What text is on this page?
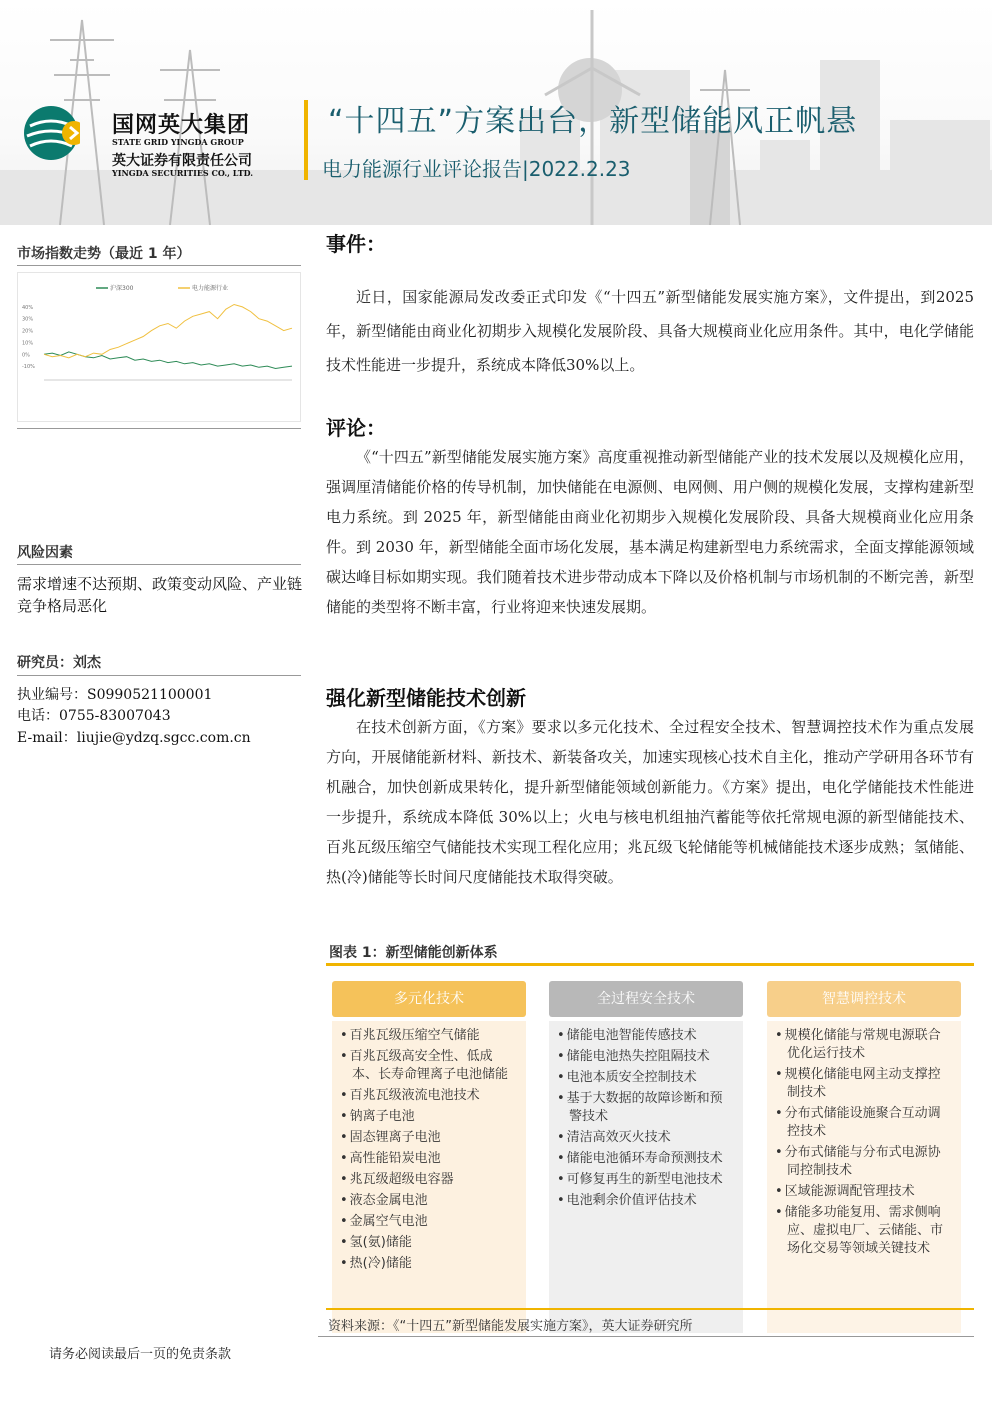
国网英大集团
STATE GRID YINGDA GROUP
英大证券有限责任公司
YINGDA SECURITIES CO., LTD.
“十四五”方案出台，新型储能风正帆悬
电力能源行业评论报告|2022.2.23
市场指数走势（最近 1 年）
40%
30%
20%
10%
0%
-10%
沪深300	电力能源行业
风险因素
需求增速不达预期、政策变动风险、产业链竞争格局恶化
研究员：刘杰
执业编号：S0990521100001
电话：0755-83007043
E-mail：liujie@ydzq.sgcc.com.cn
事件：
近日，国家能源局发改委正式印发《“十四五”新型储能发展实施方案》，文件提出，到2025年，新型储能由商业化初期步入规模化发展阶段、具备大规模商业化应用条件。其中，电化学储能技术性能进一步提升，系统成本降低30%以上。
评论：
《“十四五”新型储能发展实施方案》高度重视推动新型储能产业的技术发展以及规模化应用，强调厘清储能价格的传导机制，加快储能在电源侧、电网侧、用户侧的规模化发展，支撑构建新型电力系统。到 2025 年，新型储能由商业化初期步入规模化发展阶段、具备大规模商业化应用条件。到 2030 年，新型储能全面市场化发展，基本满足构建新型电力系统需求，全面支撑能源领域碳达峰目标如期实现。我们随着技术进步带动成本下降以及价格机制与市场机制的不断完善，新型储能的类型将不断丰富，行业将迎来快速发展期。
强化新型储能技术创新
在技术创新方面，《方案》要求以多元化技术、全过程安全技术、智慧调控技术作为重点发展方向，开展储能新材料、新技术、新装备攻关，加速实现核心技术自主化，推动产学研用各环节有机融合，加快创新成果转化，提升新型储能领域创新能力。《方案》提出，电化学储能技术性能进一步提升，系统成本降低 30%以上；火电与核电机组抽汽蓄能等依托常规电源的新型储能技术、百兆瓦级压缩空气储能技术实现工程化应用；兆瓦级飞轮储能等机械储能技术逐步成熟；氢储能、热(冷)储能等长时间尺度储能技术取得突破。
图表 1：新型储能创新体系
多元化技术
• 百兆瓦级压缩空气储能
• 百兆瓦级高安全性、低成本、长寿命锂离子电池储能
• 百兆瓦级液流电池技术
• 钠离子电池
• 固态锂离子电池
• 高性能铅炭电池
• 兆瓦级超级电容器
• 液态金属电池
• 金属空气电池
• 氢(氨)储能
• 热(冷)储能
全过程安全技术
• 储能电池智能传感技术
• 储能电池热失控阻隔技术
• 电池本质安全控制技术
• 基于大数据的故障诊断和预警技术
• 清洁高效灭火技术
• 储能电池循环寿命预测技术
• 可修复再生的新型电池技术
• 电池剩余价值评估技术
智慧调控技术
• 规模化储能与常规电源联合优化运行技术
• 规模化储能电网主动支撑控制技术
• 分布式储能设施聚合互动调控技术
• 分布式储能与分布式电源协同控制技术
• 区域能源调配管理技术
• 储能多功能复用、需求侧响应、虚拟电厂、云储能、市场化交易等领域关键技术
资料来源：《“十四五”新型储能发展实施方案》，英大证券研究所
请务必阅读最后一页的免责条款
